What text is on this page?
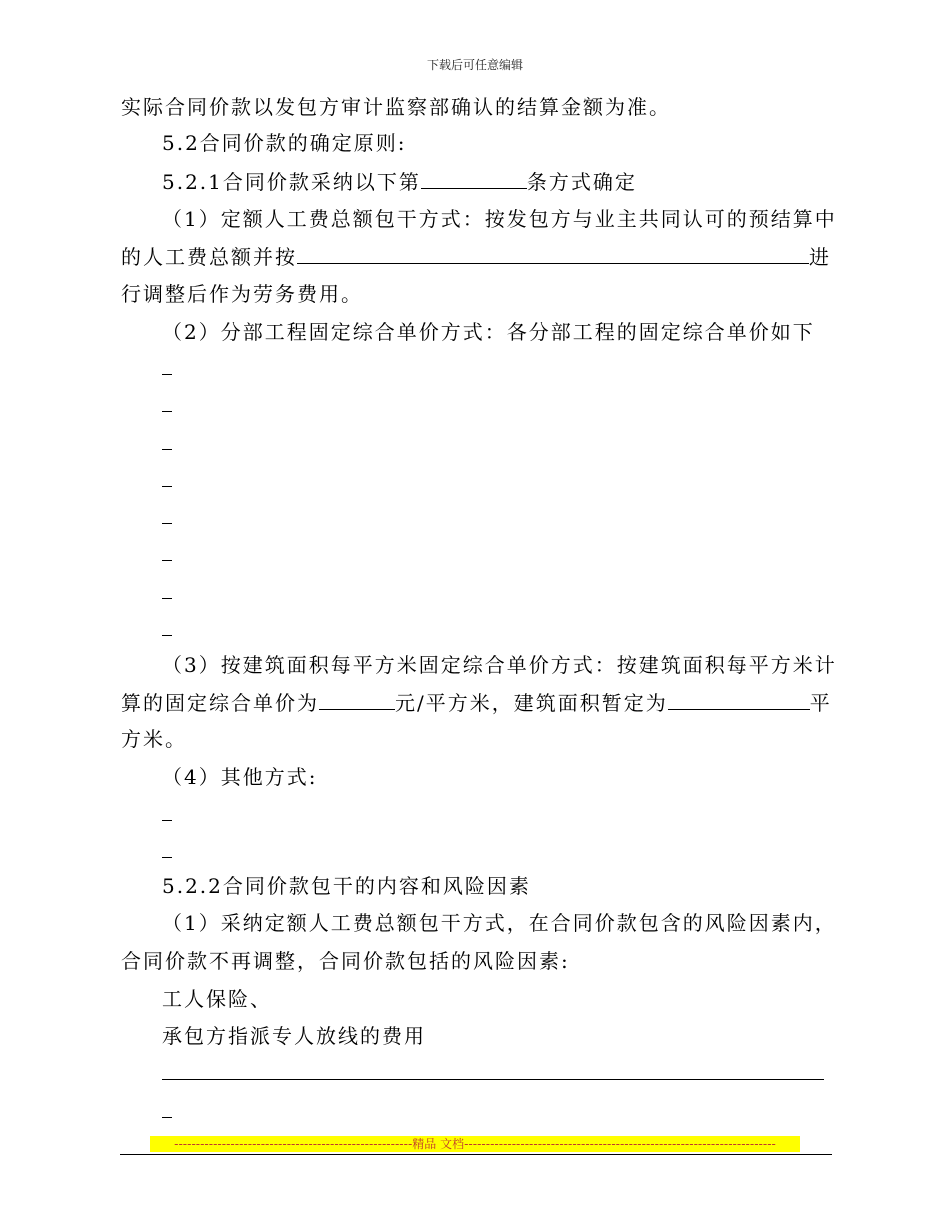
下载后可任意编辑
实际合同价款以发包方审计监察部确认的结算金额为准。
5.2合同价款的确定原则:
5.2.1合同价款采纳以下第	条方式确定
（1）定额人工费总额包干方式：按发包方与业主共同认可的预结算中
的人工费总额并按	进
行调整后作为劳务费用。
（2）分部工程固定综合单价方式：各分部工程的固定综合单价如下
（3）按建筑面积每平方米固定综合单价方式：按建筑面积每平方米计
算的固定综合单价为	元/平方米，建筑面积暂定为	平
方米。
（4）其他方式:
5.2.2合同价款包干的内容和风险因素
（1）采纳定额人工费总额包干方式，在合同价款包含的风险因素内，
合同价款不再调整，合同价款包括的风险因素:
工人保险、
承包方指派专人放线的费用
-------------------------------------------------------精品 文档------------------------------------------------------------------------
